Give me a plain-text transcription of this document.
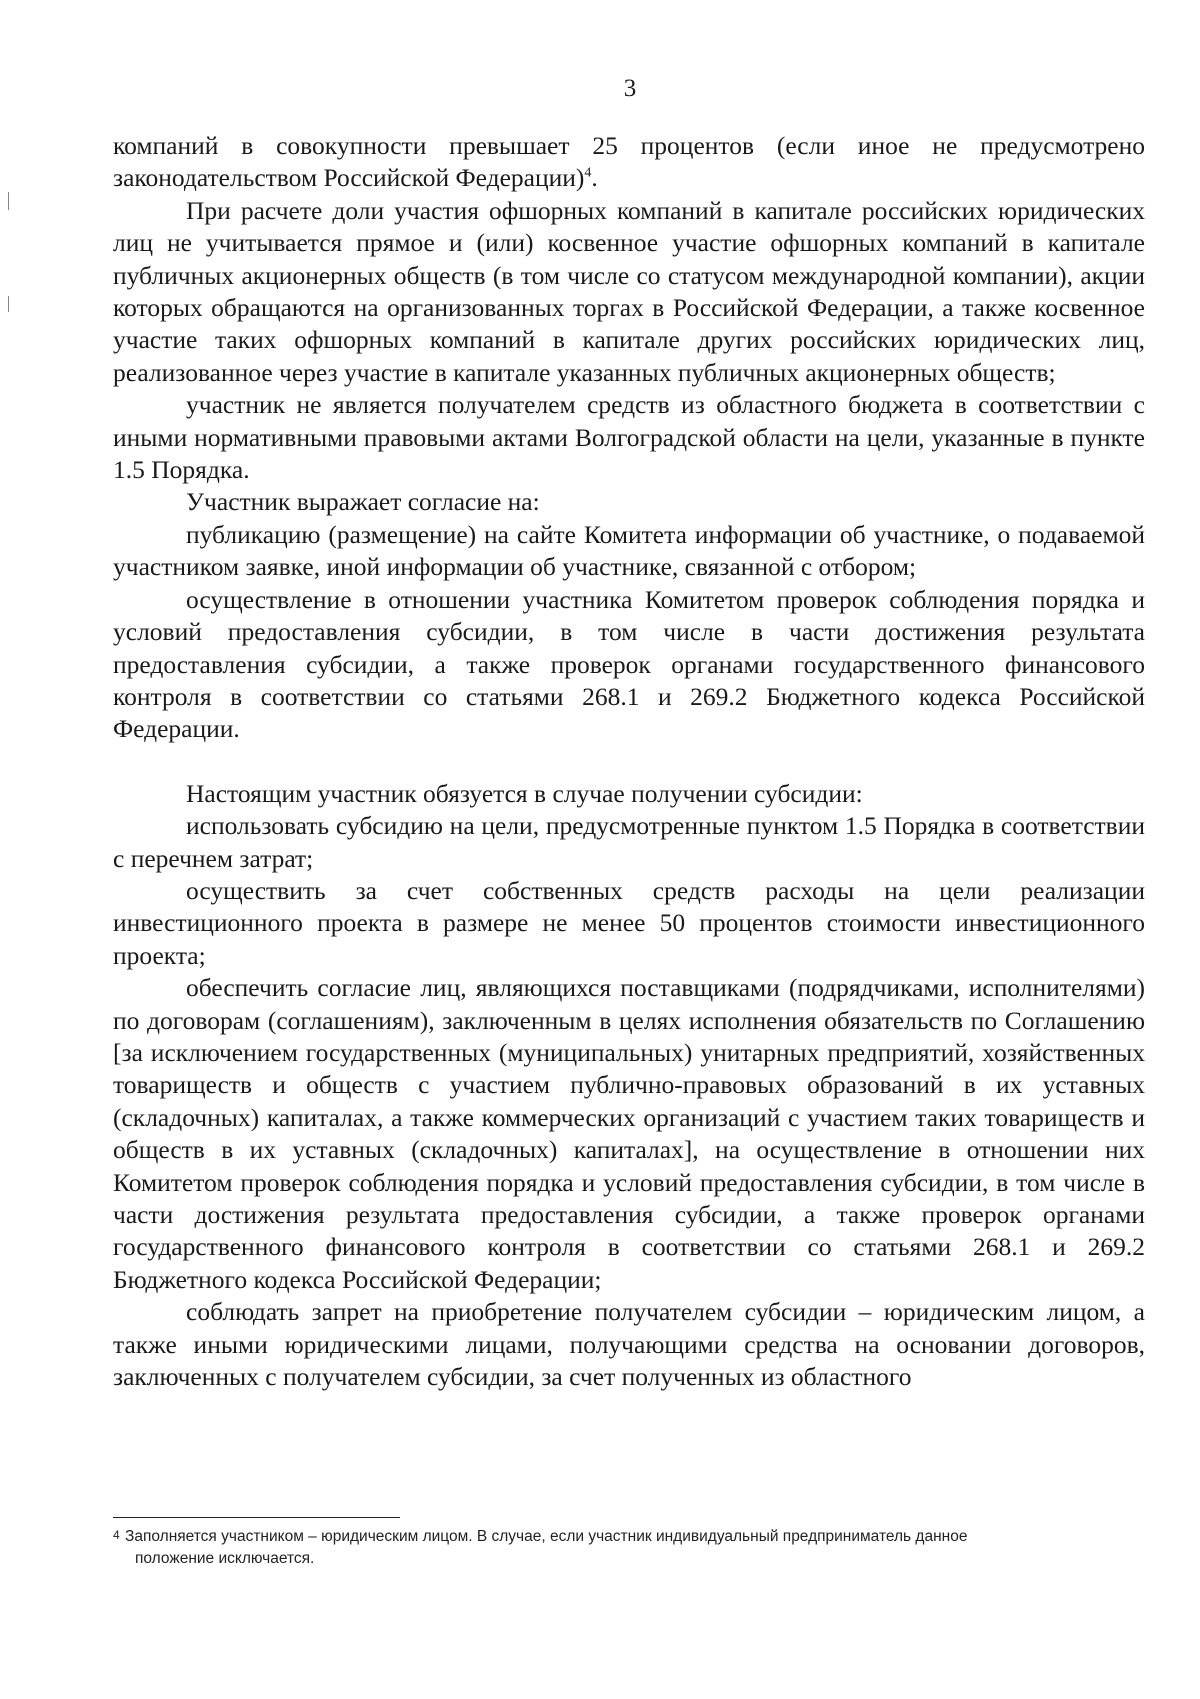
3

компаний в совокупности превышает 25 процентов (если иное не предусмотрено законодательством Российской Федерации)$^4$.

При расчете доли участия офшорных компаний в капитале российских юридических лиц не учитывается прямое и (или) косвенное участие офшорных компаний в капитале публичных акционерных обществ (в том числе со статусом международной компании), акции которых обращаются на организованных торгах в Российской Федерации, а также косвенное участие таких офшорных компаний в капитале других российских юридических лиц, реализованное через участие в капитале указанных публичных акционерных обществ;

участник не является получателем средств из областного бюджета в соответствии с иными нормативными правовыми актами Волгоградской области на цели, указанные в пункте 1.5 Порядка.

Участник выражает согласие на:

публикацию (размещение) на сайте Комитета информации об участнике, о подаваемой участником заявке, иной информации об участнике, связанной с отбором;

осуществление в отношении участника Комитетом проверок соблюдения порядка и условий предоставления субсидии, в том числе в части достижения результата предоставления субсидии, а также проверок органами государственного финансового контроля в соответствии со статьями 268.1 и 269.2 Бюджетного кодекса Российской Федерации.

Настоящим участник обязуется в случае получении субсидии:

использовать субсидию на цели, предусмотренные пунктом 1.5 Порядка в соответствии с перечнем затрат;

осуществить за счет собственных средств расходы на цели реализации инвестиционного проекта в размере не менее 50 процентов стоимости инвестиционного проекта;

обеспечить согласие лиц, являющихся поставщиками (подрядчиками, исполнителями) по договорам (соглашениям), заключенным в целях исполнения обязательств по Соглашению [за исключением государственных (муниципальных) унитарных предприятий, хозяйственных товариществ и обществ с участием публично-правовых образований в их уставных (складочных) капиталах, а также коммерческих организаций с участием таких товариществ и обществ в их уставных (складочных) капиталах], на осуществление в отношении них Комитетом проверок соблюдения порядка и условий предоставления субсидии, в том числе в части достижения результата предоставления субсидии, а также проверок органами государственного финансового контроля в соответствии со статьями 268.1 и 269.2 Бюджетного кодекса Российской Федерации;

соблюдать запрет на приобретение получателем субсидии – юридическим лицом, а также иными юридическими лицами, получающими средства на основании договоров, заключенных с получателем субсидии, за счет полученных из областного

4 Заполняется участником – юридическим лицом. В случае, если участник индивидуальный предприниматель данное

положение исключается.
